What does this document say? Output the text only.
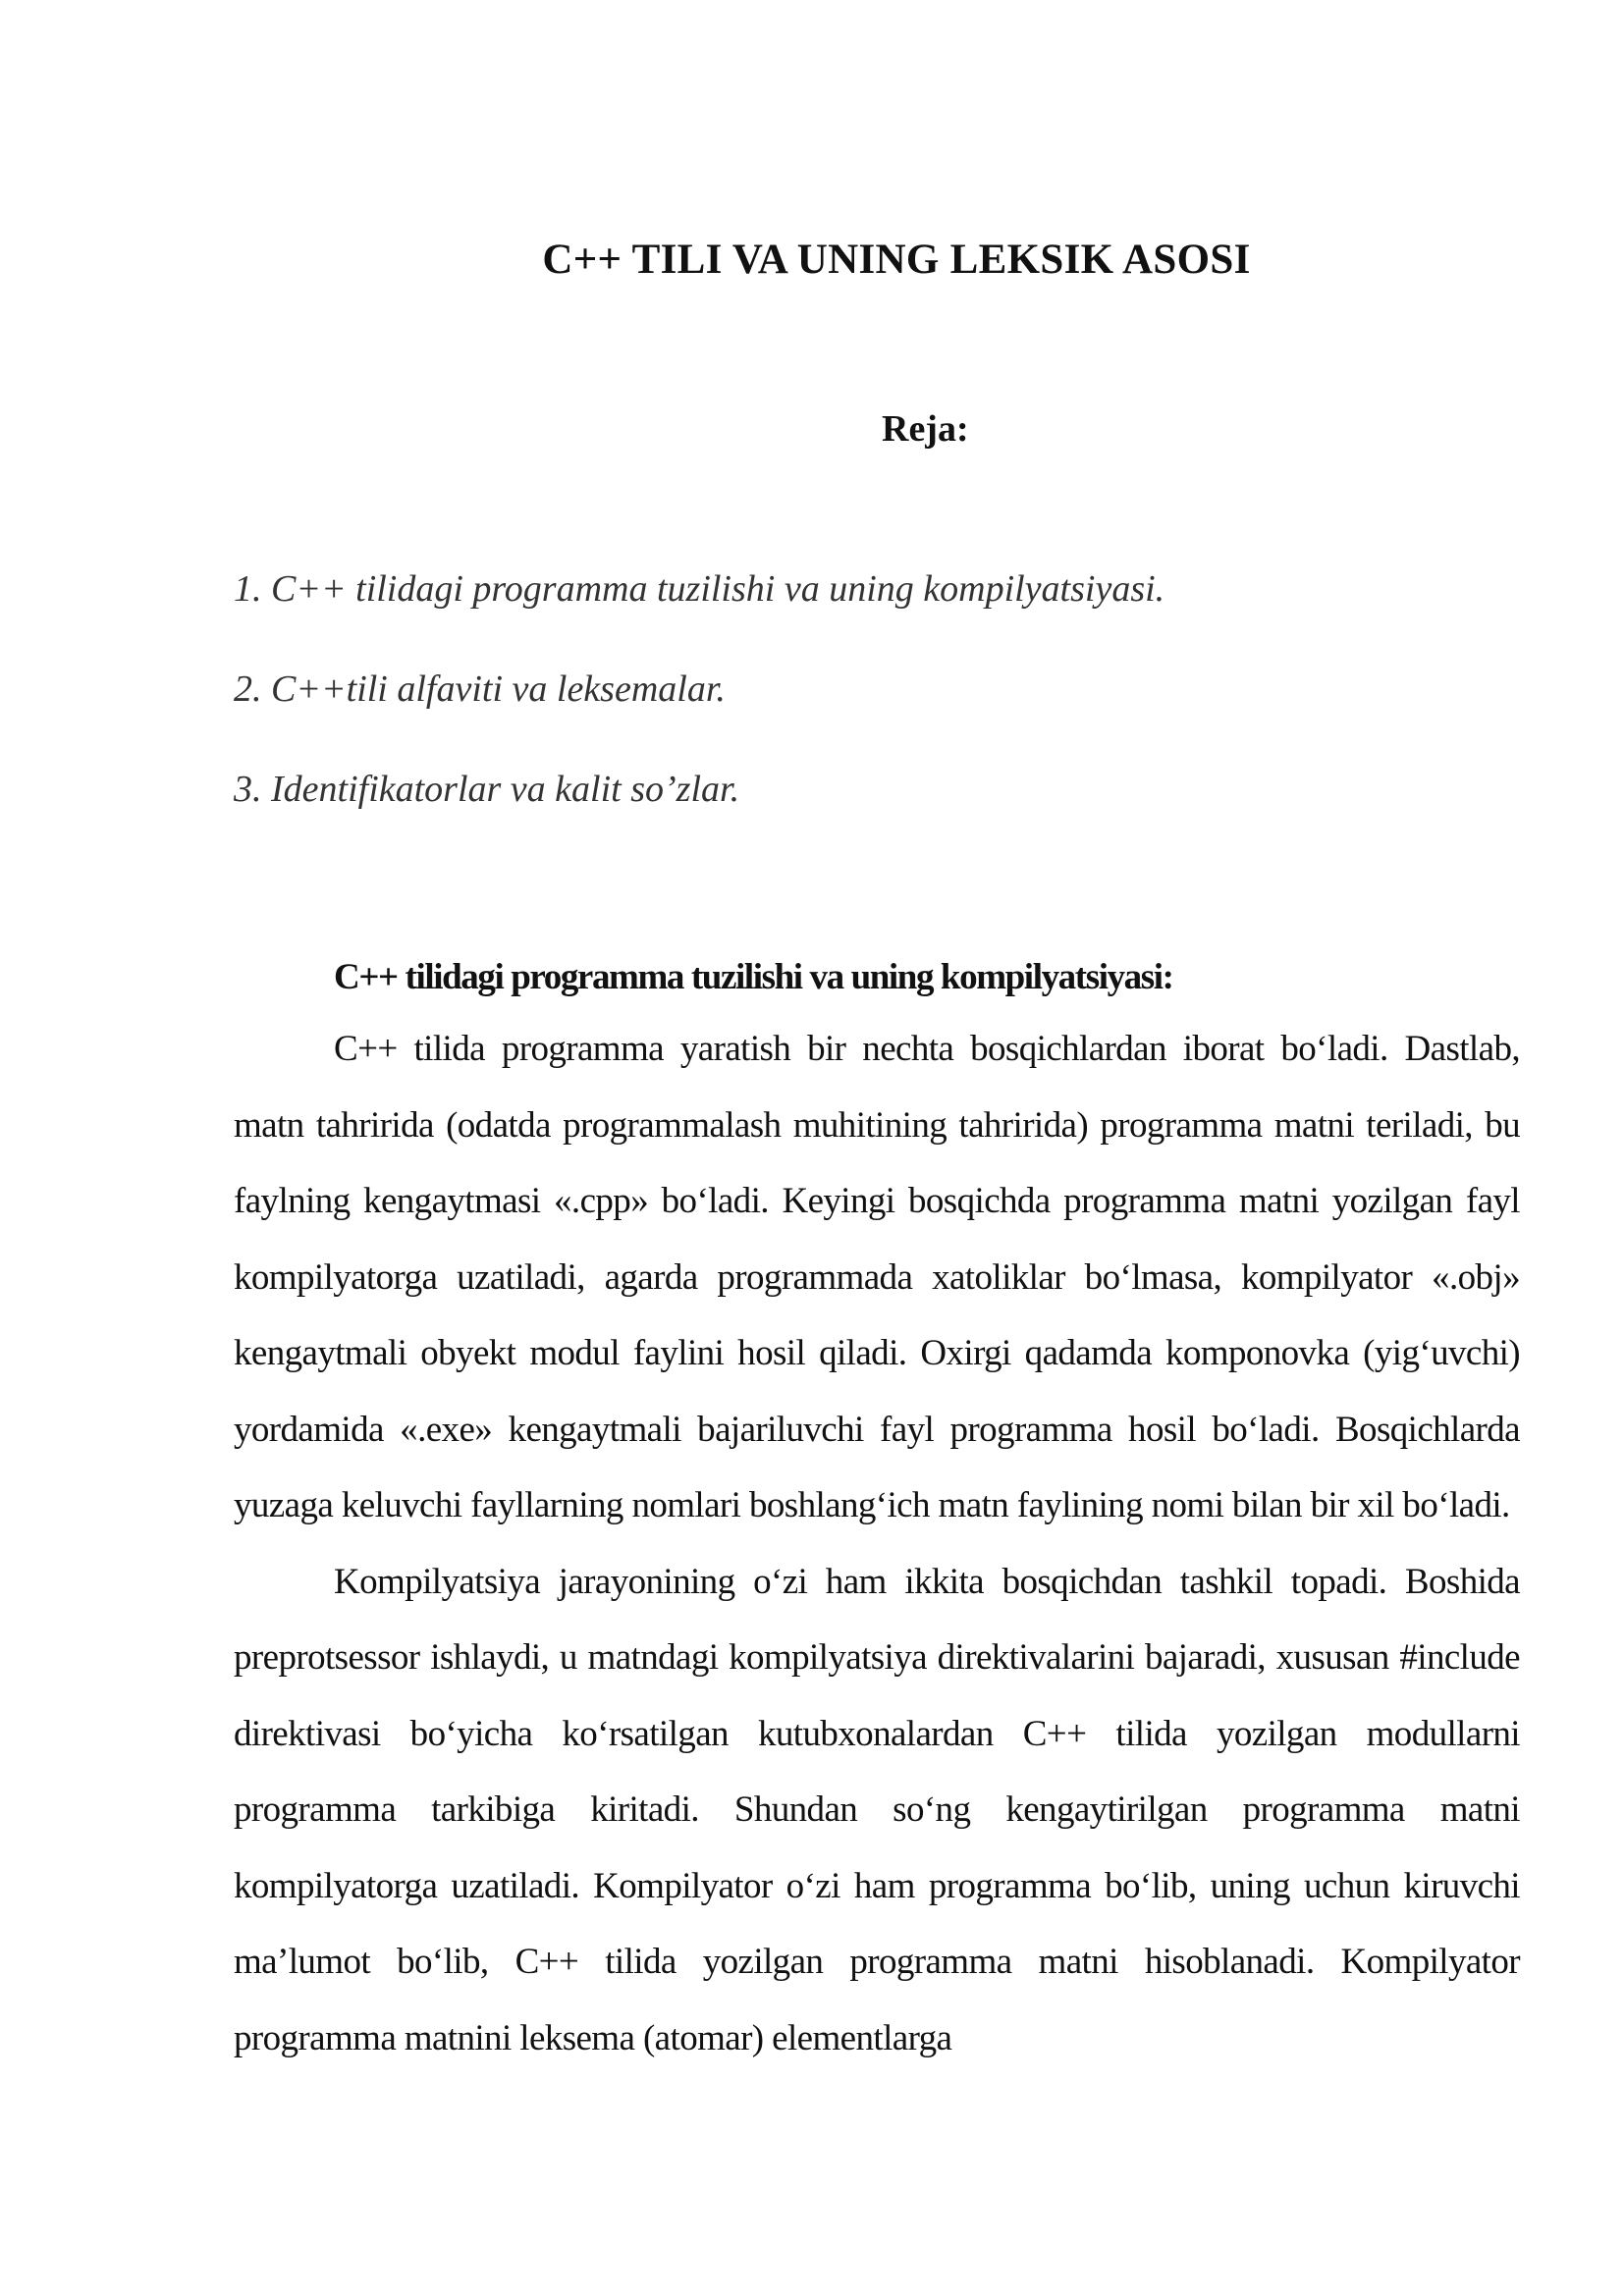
C++ TILI VA UNING LEKSIK ASOSI

Reja:

1. C++ tilidagi programma tuzilishi va uning kompilyatsiyasi.
2. C++tili alfaviti va leksemalar.
3. Identifikatorlar va kalit so’zlar.
C++ tilidagi programma tuzilishi va uning kompilyatsiyasi:

C++ tilida programma yaratish bir nechta bosqichlardan iborat bo‘ladi. Dastlab, matn tahririda (odatda programmalash muhitining tahririda) programma matni teriladi, bu faylning kengaytmasi «.cpp» bo‘ladi. Keyingi bosqichda programma matni yozilgan fayl kompilyatorga uzatiladi, agarda programmada xatoliklar bo‘lmasa, kompilyator «.obj» kengaytmali obyekt modul faylini hosil qiladi. Oxirgi qadamda komponovka (yig‘uvchi) yordamida «.exe» kengaytmali bajariluvchi fayl programma hosil bo‘ladi. Bosqichlarda yuzaga keluvchi fayllarning nomlari boshlang‘ich matn faylining nomi bilan bir xil bo‘ladi.

Kompilyatsiya jarayonining o‘zi ham ikkita bosqichdan tashkil topadi. Boshida preprotsessor ishlaydi, u matndagi kompilyatsiya direktivalarini bajaradi, xususan #include direktivasi bo‘yicha ko‘rsatilgan kutubxonalardan C++ tilida yozilgan modullarni programma tarkibiga kiritadi. Shundan so‘ng kengaytirilgan programma matni kompilyatorga uzatiladi. Kompilyator o‘zi ham programma bo‘lib, uning uchun kiruvchi ma’lumot bo‘lib, C++ tilida yozilgan programma matni hisoblanadi. Kompilyator programma matnini leksema (atomar) elementlarga
